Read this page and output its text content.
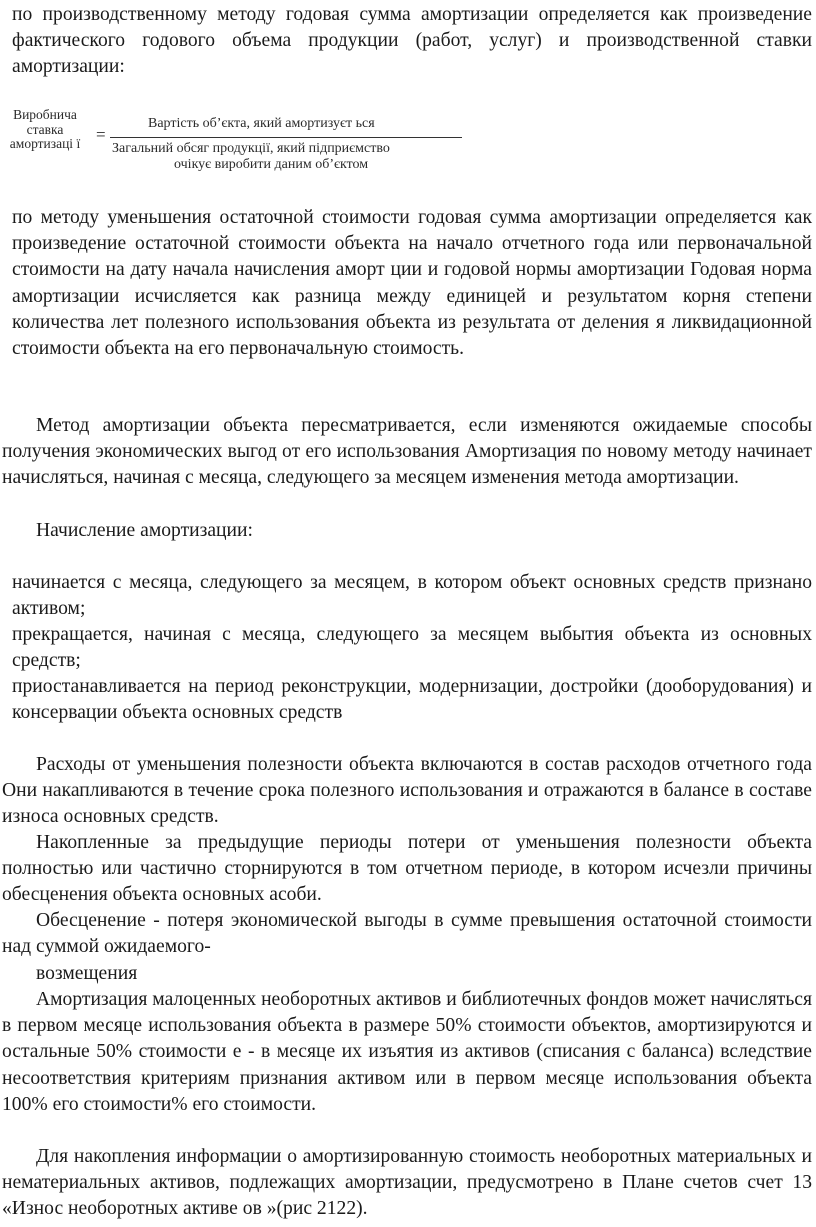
по производственному методу годовая сумма амортизации определяется как произведение фактического годового объема продукции (работ, услуг) и производственной ставки амортизации:

Виробнича
ставка
амортизаці ї =
Вартість об’єкта, який амортизуєт ься
Загальний обсяг продукції, який підприємство
очікує виробити даним об’єктом

по методу уменьшения остаточной стоимости годовая сумма амортизации определяется как произведение остаточной стоимости объекта на начало отчетного года или первоначальной стоимости на дату начала начисления аморт ции и годовой нормы амортизации Годовая норма амортизации исчисляется как разница между единицей и результатом корня степени количества лет полезного использования объекта из результата от деления я ликвидационной стоимости объекта на его первоначальную стоимость.

Метод амортизации объекта пересматривается, если изменяются ожидаемые способы получения экономических выгод от его использования Амортизация по новому методу начинает начисляться, начиная с месяца, следующего за месяцем изменения метода амортизации.

Начисление амортизации:

начинается с месяца, следующего за месяцем, в котором объект основных средств признано активом;

прекращается, начиная с месяца, следующего за месяцем выбытия объекта из основных средств;

приостанавливается на период реконструкции, модернизации, достройки (дооборудования) и консервации объекта основных средств

Расходы от уменьшения полезности объекта включаются в состав расходов отчетного года Они накапливаются в течение срока полезного использования и отражаются в балансе в составе износа основных средств.

Накопленные за предыдущие периоды потери от уменьшения полезности объекта полностью или частично сторнируются в том отчетном периоде, в котором исчезли причины обесценения объекта основных асоби.

Обесценение - потеря экономической выгоды в сумме превышения остаточной стоимости над суммой ожидаемого-

возмещения

Амортизация малоценных необоротных активов и библиотечных фондов может начисляться в первом месяце использования объекта в размере 50% стоимости объектов, амортизируются и остальные 50% стоимости е - в месяце их изъятия из активов (списания с баланса) вследствие несоответствия критериям признания активом или в первом месяце использования объекта 100% его стоимости% его стоимости.

Для накопления информации о амортизированную стоимость необоротных материальных и нематериальных активов, подлежащих амортизации, предусмотрено в Плане счетов счет 13 «Износ необоротных активе ов »(рис 2122).
